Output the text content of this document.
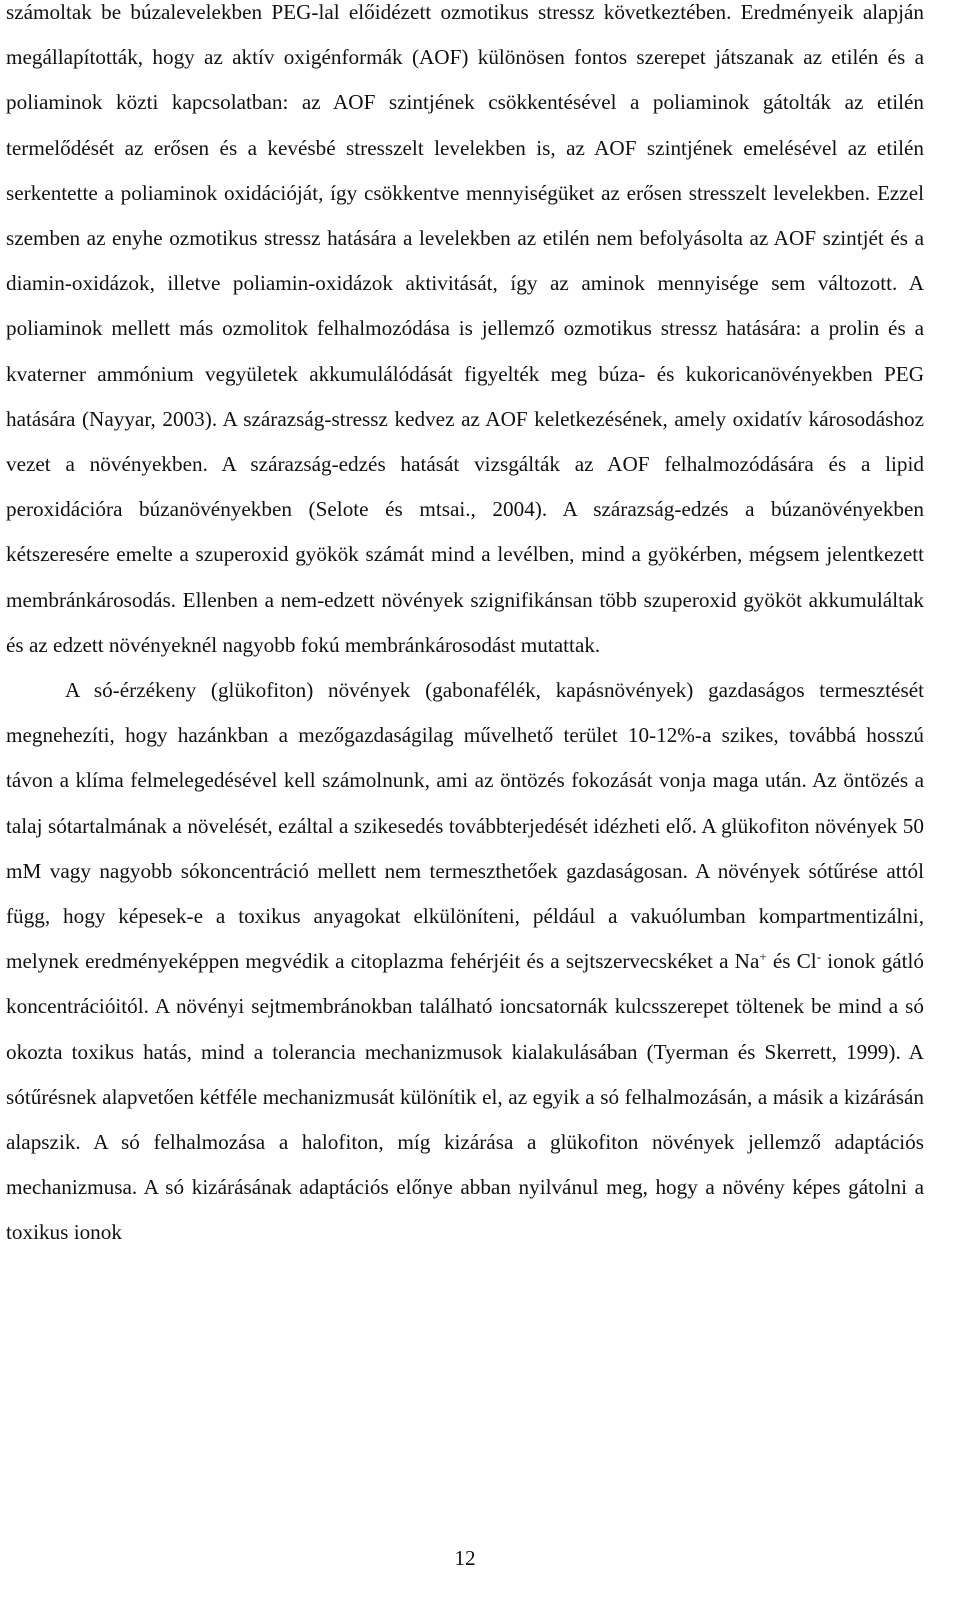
számoltak be búzalevelekben PEG-lal előidézett ozmotikus stressz következtében. Eredményeik alapján megállapították, hogy az aktív oxigénformák (AOF) különösen fontos szerepet játszanak az etilén és a poliaminok közti kapcsolatban: az AOF szintjének csökkentésével a poliaminok gátolták az etilén termelődését az erősen és a kevésbé stresszelt levelekben is, az AOF szintjének emelésével az etilén serkentette a poliaminok oxidációját, így csökkentve mennyiségüket az erősen stresszelt levelekben. Ezzel szemben az enyhe ozmotikus stressz hatására a levelekben az etilén nem befolyásolta az AOF szintjét és a diamin-oxidázok, illetve poliamin-oxidázok aktivitását, így az aminok mennyisége sem változott. A poliaminok mellett más ozmolitok felhalmozódása is jellemző ozmotikus stressz hatására: a prolin és a kvaterner ammónium vegyületek akkumulálódását figyelték meg búza- és kukoricanövényekben PEG hatására (Nayyar, 2003). A szárazság-stressz kedvez az AOF keletkezésének, amely oxidatív károsodáshoz vezet a növényekben. A szárazság-edzés hatását vizsgálták az AOF felhalmozódására és a lipid peroxidációra búzanövényekben (Selote és mtsai., 2004). A szárazság-edzés a búzanövényekben kétszeresére emelte a szuperoxid gyökök számát mind a levélben, mind a gyökérben, mégsem jelentkezett membránkárosodás. Ellenben a nem-edzett növények szignifikánsan több szuperoxid gyököt akkumuláltak és az edzett növényeknél nagyobb fokú membránkárosodást mutattak.

A só-érzékeny (glükofiton) növények (gabonafélék, kapásnövények) gazdaságos termesztését megnehezíti, hogy hazánkban a mezőgazdaságilag művelhető terület 10-12%-a szikes, továbbá hosszú távon a klíma felmelegedésével kell számolnunk, ami az öntözés fokozását vonja maga után. Az öntözés a talaj sótartalmának a növelését, ezáltal a szikesedés továbbterjedését idézheti elő. A glükofiton növények 50 mM vagy nagyobb sókoncentráció mellett nem termeszthetőek gazdaságosan. A növények sótűrése attól függ, hogy képesek-e a toxikus anyagokat elkülöníteni, például a vakuólumban kompartmentizálni, melynek eredményeképpen megvédik a citoplazma fehérjéit és a sejtszervecskéket a Na+ és Cl- ionok gátló koncentrációitól. A növényi sejtmembránokban található ioncsatornák kulcsszerepet töltenek be mind a só okozta toxikus hatás, mind a tolerancia mechanizmusok kialakulásában (Tyerman és Skerrett, 1999). A sótűrésnek alapvetően kétféle mechanizmusát különítik el, az egyik a só felhalmozásán, a másik a kizárásán alapszik. A só felhalmozása a halofiton, míg kizárása a glükofiton növények jellemző adaptációs mechanizmusa. A só kizárásának adaptációs előnye abban nyilvánul meg, hogy a növény képes gátolni a toxikus ionok

12
